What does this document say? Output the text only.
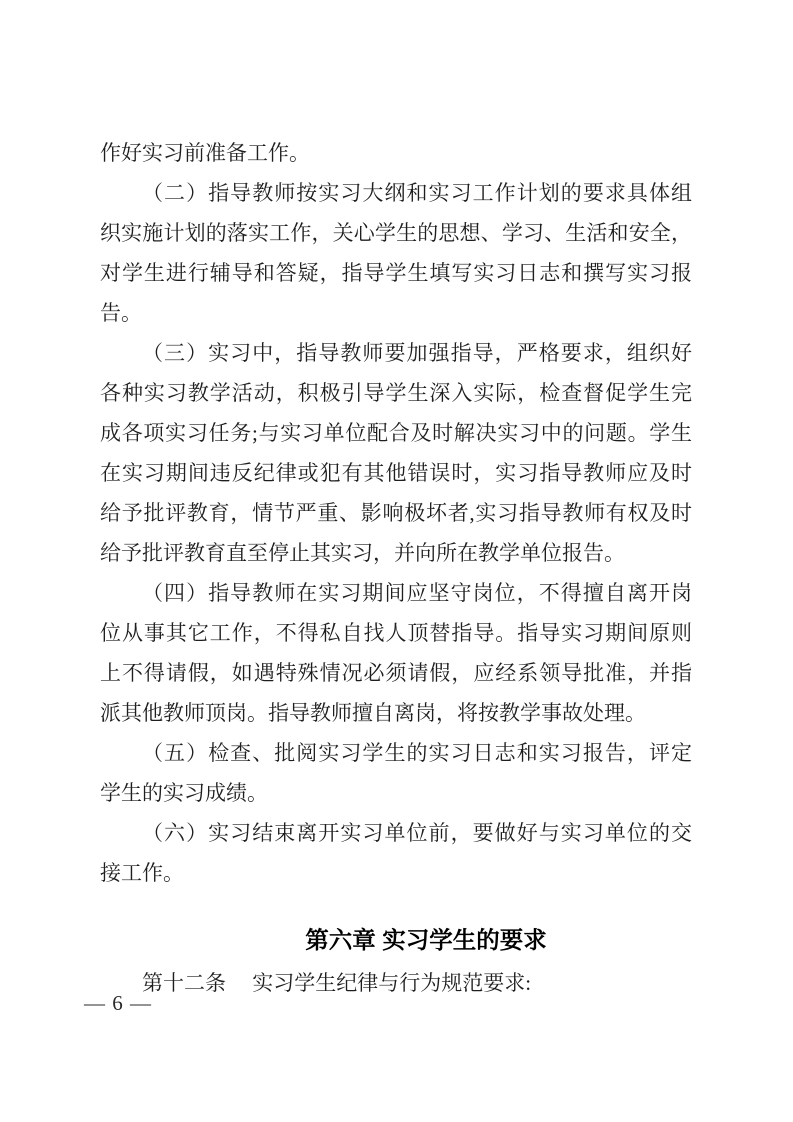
作好实习前准备工作。
（二）指导教师按实习大纲和实习工作计划的要求具体组
织实施计划的落实工作，关心学生的思想、学习、生活和安全，
对学生进行辅导和答疑，指导学生填写实习日志和撰写实习报
告。
（三）实习中，指导教师要加强指导，严格要求，组织好
各种实习教学活动，积极引导学生深入实际，检查督促学生完
成各项实习任务;与实习单位配合及时解决实习中的问题。学生
在实习期间违反纪律或犯有其他错误时，实习指导教师应及时
给予批评教育，情节严重、影响极坏者,实习指导教师有权及时
给予批评教育直至停止其实习，并向所在教学单位报告。
（四）指导教师在实习期间应坚守岗位，不得擅自离开岗
位从事其它工作，不得私自找人顶替指导。指导实习期间原则
上不得请假，如遇特殊情况必须请假，应经系领导批准，并指
派其他教师顶岗。指导教师擅自离岗，将按教学事故处理。
（五）检查、批阅实习学生的实习日志和实习报告，评定
学生的实习成绩。
（六）实习结束离开实习单位前，要做好与实习单位的交
接工作。
第六章 实习学生的要求
第十二条　 实习学生纪律与行为规范要求:
— 6 —
